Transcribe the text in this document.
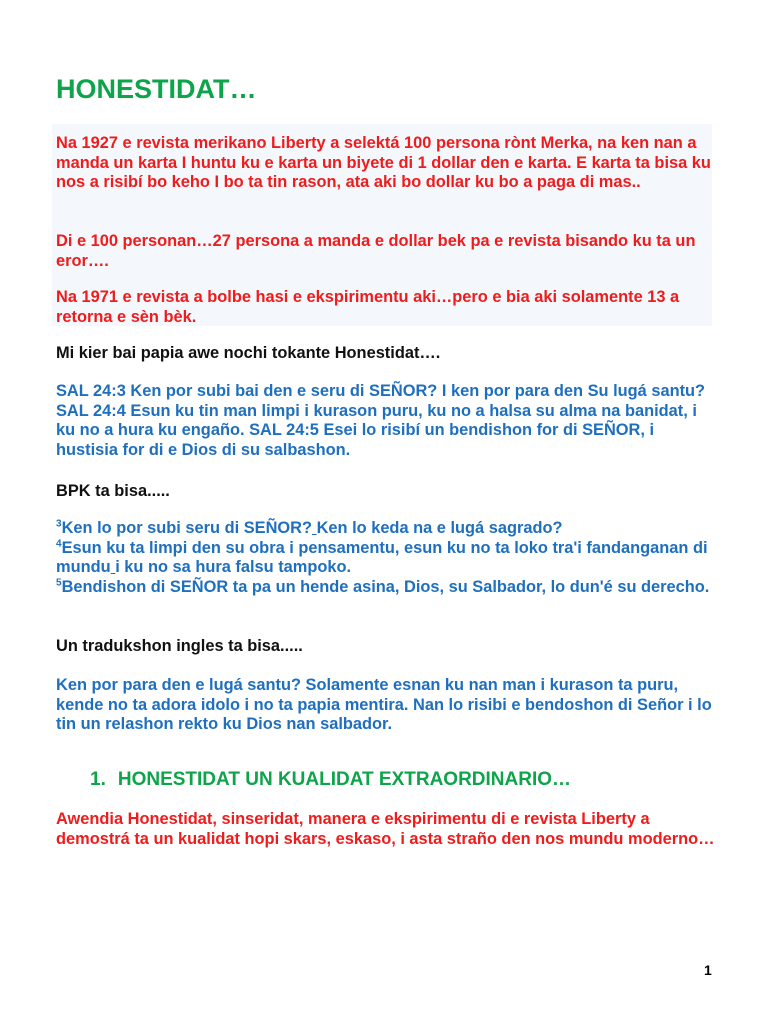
HONESTIDAT…

Na 1927 e revista merikano Liberty a selektá 100 persona rònt Merka, na ken nan a manda un karta I huntu ku e karta un biyete di 1 dollar den e karta. E karta ta bisa ku nos a risibí bo keho I bo ta tin rason, ata aki bo dollar ku bo a paga di mas..

Di e 100 personan…27 persona a manda e dollar bek pa e revista bisando ku ta un eror….

Na 1971 e revista a bolbe hasi e ekspirimentu aki…pero e bia aki solamente 13 a retorna e sèn bèk.

Mi kier bai papia awe nochi tokante Honestidat….

SAL 24:3 Ken por subi bai den e seru di SEÑOR? I ken por para den Su lugá santu? SAL 24:4 Esun ku tin man limpi i kurason puru, ku no a halsa su alma na banidat, i ku no a hura ku engaño. SAL 24:5 Esei lo risibí un bendishon for di SEÑOR, i hustisia for di e Dios di su salbashon.

BPK ta bisa.....

$^3$Ken lo por subi seru di SEÑOR? Ken lo keda na e lugá sagrado?
$^4$Esun ku ta limpi den su obra i pensamentu, esun ku no ta loko tra'i fandanganan di mundu i ku no sa hura falsu tampoko.
$^5$Bendishon di SEÑOR ta pa un hende asina, Dios, su Salbador, lo dun'é su derecho.

Un tradukshon ingles ta bisa.....

Ken por para den e lugá santu? Solamente esnan ku nan man i kurason ta puru, kende no ta adora idolo i no ta papia mentira. Nan lo risibi e bendoshon di Señor i lo tin un relashon rekto ku Dios nan salbador.

1. HONESTIDAT UN KUALIDAT EXTRAORDINARIO…

Awendia Honestidat, sinseridat, manera e ekspirimentu di e revista Liberty a demostrá ta un kualidat hopi skars, eskaso, i asta straño den nos mundu moderno…

1
